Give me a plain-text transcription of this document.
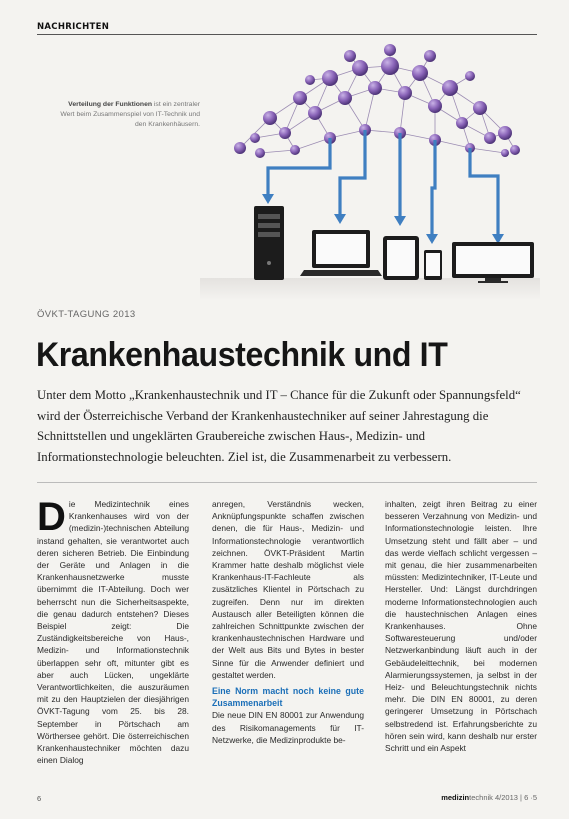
NACHRICHTEN
Verteilung der Funktionen ist ein zentraler Wert beim Zusammenspiel von IT-Technik und den Krankenhäusern.
ÖVKT-TAGUNG 2013
Krankenhaustechnik und IT
Unter dem Motto „Krankenhaustechnik und IT – Chance für die Zukunft oder Spannungsfeld“ wird der Österreichische Verband der Krankenhaustechniker auf seiner Jahrestagung die Schnittstellen und ungeklärten Graubereiche zwischen Haus-, Medizin- und Informationstechnologie beleuchten. Ziel ist, die Zusammenarbeit zu verbessern.
D ie Medizintechnik eines Krankenhauses wird von der (medizin-)technischen Abteilung instand gehalten, sie verantwortet auch deren sicheren Betrieb. Die Einbindung der Geräte und Anlagen in die Krankenhausnetzwerke musste übernimmt die IT-Abteilung. Doch wer beherrscht nun die Sicherheitsaspekte, die genau dadurch entstehen? Dieses Beispiel zeigt: Die Zuständigkeitsbereiche von Haus-, Medizin- und Informationstechnik überlappen sehr oft, mitunter gibt es aber auch Lücken, ungeklärte Verantwortlichkeiten, die auszuräumen mit zu den Hauptzielen der diesjährigen ÖVKT-Tagung vom 25. bis 28. September in Pörtschach am Wörthersee gehört. Die österreichischen Krankenhaustechniker möchten dazu einen Dialog

anregen, Verständnis wecken, Anknüpfungspunkte schaffen zwischen denen, die für Haus-, Medizin- und Informationstechnologie verantwortlich zeichnen. ÖVKT-Präsident Martin Krammer hatte deshalb möglichst viele Krankenhaus-IT-Fachleute als zusätzliches Klientel in Pörtschach zu zugreifen. Denn nur im direkten Austausch aller Beteiligten können die zahlreichen Schnittpunkte zwischen der krankenhaustechnischen Hardware und der Welt aus Bits und Bytes in bester Sinne für die Anwender definiert und gestaltet werden.

Eine Norm macht noch keine gute Zusammenarbeit

Die neue DIN EN 80001 zur Anwendung des Risikomanagements für IT-Netzwerke, die Medizinprodukte be-

inhalten, zeigt ihren Beitrag zu einer besseren Verzahnung von Medizin- und Informationstechnologie leisten. Ihre Umsetzung steht und fällt aber – und das werde vielfach schlicht vergessen – mit genau, die hier zusammenarbeiten müssten: Medizintechniker, IT-Leute und Hersteller. Und: Längst durchdringen moderne Informationstechnologien auch die haustechnischen Anlagen eines Krankenhauses. Ohne Softwaresteuerung und/oder Netzwerkanbindung läuft auch in der Gebäudeleittechnik, bei modernen Alarmierungssystemen, ja selbst in der Heiz- und Beleuchtungstechnik nichts mehr. Die DIN EN 80001, zu deren geringerer Umsetzung in Pörtschach selbstredend ist. Erfahrungsberichte zu hören sein wird, kann deshalb nur erster Schritt und ein Aspekt

6	medizintechnik 4/2013 | 6 ·5
